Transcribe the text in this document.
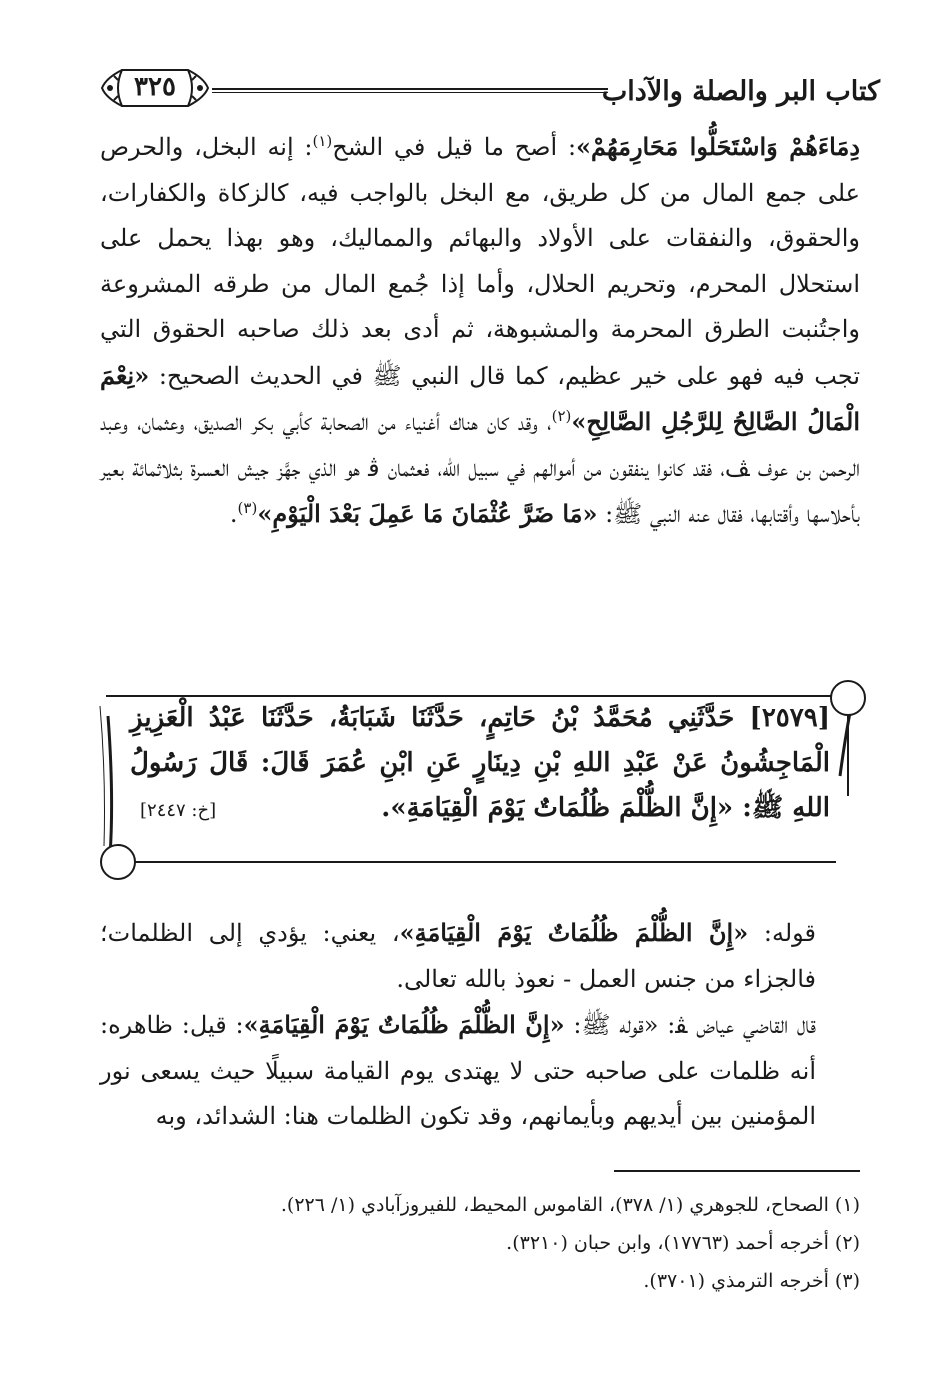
كتاب البر والصلة والآداب
٣٢٥

دِمَاءَهُمْ وَاسْتَحَلُّوا مَحَارِمَهُمْ»: أصح ما قيل في الشح$^{(١)}$: إنه البخل، والحرص على جمع المال من كل طريق، مع البخل بالواجب فيه، كالزكاة والكفارات، والحقوق، والنفقات على الأولاد والبهائم والمماليك، وهو بهذا يحمل على استحلال المحرم، وتحريم الحلال، وأما إذا جُمع المال من طرقه المشروعة واجتُنبت الطرق المحرمة والمشبوهة، ثم أدى بعد ذلك صاحبه الحقوق التي تجب فيه فهو على خير عظيم، كما قال النبي ﷺ في الحديث الصحيح: «نِعْمَ الْمَالُ الصَّالِحُ لِلرَّجُلِ الصَّالِحِ»$^{(٢)}$، وقد كان هناك أغنياء من الصحابة كأبي بكر الصديق، وعثمان، وعبد الرحمن بن عوف ﭫ، فقد كانوا ينفقون من أموالهم في سبيل الله، فعثمان ﭬ هو الذي جهَّز جيش العسرة بثلاثمائة بعير بأحلاسها وأقتابها، فقال عنه النبي ﷺ: «مَا ضَرَّ عُثْمَانَ مَا عَمِلَ بَعْدَ الْيَوْمِ»$^{(٣)}$.

[٢٥٧٩] حَدَّثَنِي مُحَمَّدُ بْنُ حَاتِمٍ، حَدَّثَنَا شَبَابَةُ، حَدَّثَنَا عَبْدُ الْعَزِيزِ الْمَاجِشُونُ عَنْ عَبْدِ اللهِ بْنِ دِينَارٍ عَنِ ابْنِ عُمَرَ قَالَ: قَالَ رَسُولُ اللهِ ﷺ: «إِنَّ الظُّلْمَ ظُلُمَاتٌ يَوْمَ الْقِيَامَةِ».
[خ: ٢٤٤٧]

قوله: «إِنَّ الظُّلْمَ ظُلُمَاتٌ يَوْمَ الْقِيَامَةِ»، يعني: يؤدي إلى الظلمات؛ فالجزاء من جنس العمل - نعوذ بالله تعالى.

قال القاضي عياض ﭭ: «قوله ﷺ: «إِنَّ الظُّلْمَ ظُلُمَاتٌ يَوْمَ الْقِيَامَةِ»: قيل: ظاهره: أنه ظلمات على صاحبه حتى لا يهتدى يوم القيامة سبيلًا حيث يسعى نور المؤمنين بين أيديهم وبأيمانهم، وقد تكون الظلمات هنا: الشدائد، وبه

(١) الصحاح، للجوهري (١/ ٣٧٨)، القاموس المحيط، للفيروزآبادي (١/ ٢٢٦).
(٢) أخرجه أحمد (١٧٧٦٣)، وابن حبان (٣٢١٠).
(٣) أخرجه الترمذي (٣٧٠١).
